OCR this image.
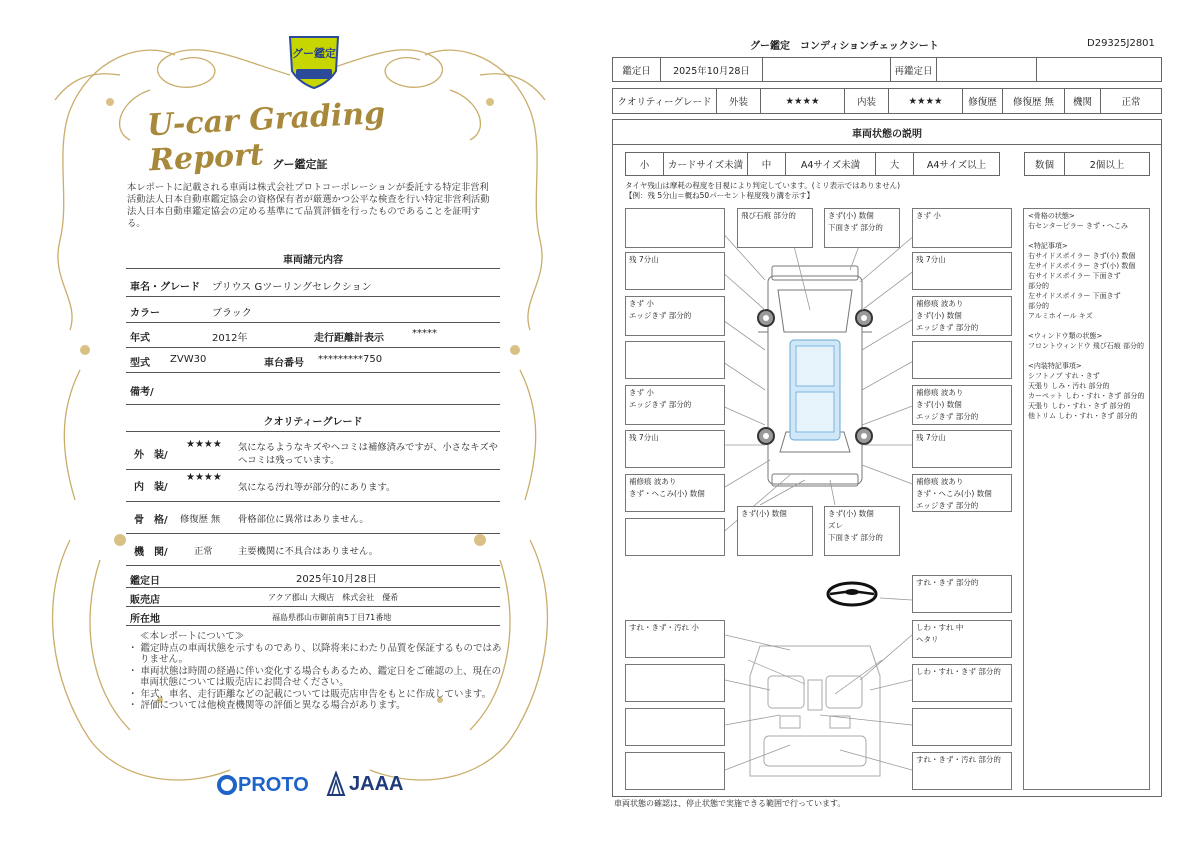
グー鑑定
U-car Grading Report グー鑑定証
本レポートに記載される車両は株式会社プロトコーポレーションが委託する特定非営利活動法人日本自動車鑑定協会の資格保有者が厳選かつ公平な検査を行い特定非営利活動法人日本自動車鑑定協会の定める基準にて品質評価を行ったものであることを証明する。
車両諸元内容
車名・グレード プリウス Gツーリングセレクション
カラー	ブラック
年式	2012年	走行距離計表示	*****
型式 ZVW30	車台番号 *********750
備考/
クオリティーグレード
外　装/
★★★★ 気になるようなキズやヘコミは補修済みですが、小さなキズや
ヘコミは残っています。
内　装/
★★★★
気になる汚れ等が部分的にあります。
骨　格/ 修復歴 無 骨格部位に異常はありません。
機　関/	正常	主要機関に不具合はありません。
鑑定日	2025年10月28日
販売店	アクア郡山 大槻店　株式会社　優希
所在地	福島県郡山市御前南5丁目71番地
≪本レポートについて≫
・ 鑑定時点の車両状態を示すものであり、以降将来にわたり品質を保証するものではありません。
・ 車両状態は時間の経過に伴い変化する場合もあるため、鑑定日をご確認の上、現在の車両状態については販売店にお問合せください。
・ 年式、車名、走行距離などの記載については販売店申告をもとに作成しています。
・ 評価については他検査機関等の評価と異なる場合があります。
PROTO JAAA
グー鑑定　コンディションチェックシート	D29325J2801
鑑定日	2025年10月28日	再鑑定日
クオリティーグレード	外装	★★★★	内装	★★★★	修復歴	修復歴 無	機関	正常
車両状態の説明
小	カードサイズ未満	中	A4サイズ未満	大	A4サイズ以上	数個	2個以上
タイヤ残山は摩耗の程度を目視により判定しています。(ミリ表示ではありません)
【例：残 5分山＝概ね50パーセント程度残り溝を示す】
飛び石痕 部分的	きず(小) 数個
下面きず 部分的
きず 小
残 7分山	残 7分山
きず 小
エッジきず 部分的
補修痕 波あり
きず(小) 数個
エッジきず 部分的
きず 小
エッジきず 部分的
補修痕 波あり
きず(小) 数個
エッジきず 部分的
残 7分山	残 7分山
補修痕 波あり
きず・へこみ(小) 数個
補修痕 波あり
きず・へこみ(小) 数個
エッジきず 部分的
きず(小) 数個	きず(小) 数個
ズレ
下面きず 部分的
<骨格の状態>
右センターピラー きず・へこみ
<特記事項>
右サイドスポイラー きず(小) 数個
左サイドスポイラー きず(小) 数個
右サイドスポイラー 下面きず
部分的
左サイドスポイラー 下面きず
部分的
アルミホイール キズ
<ウィンドウ類の状態>
フロントウィンドウ 飛び石痕 部分的
<内装特記事項>
シフトノブ すれ・きず
天張り しみ・汚れ 部分的
カーペット しわ・すれ・きず 部分的
天張り しわ・すれ・きず 部分的
他トリム しわ・すれ・きず 部分的
すれ・きず 部分的
すれ・きず・汚れ 小	しわ・すれ 中
ヘタリ
しわ・すれ・きず 部分的
すれ・きず・汚れ 部分的
車両状態の確認は、停止状態で実施できる範囲で行っています。
